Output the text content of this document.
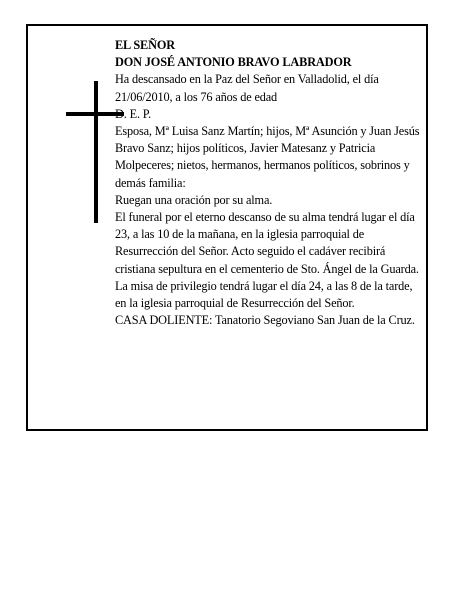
EL SEÑOR

DON JOSÉ ANTONIO BRAVO LABRADOR

Ha descansado en la Paz del Señor en Valladolid, el día 21/06/2010, a los 76 años de edad

D. E. P.

Esposa, Mª Luisa Sanz Martín; hijos, Mª Asunción y Juan Jesús Bravo Sanz; hijos políticos, Javier Matesanz y Patricia Molpeceres; nietos, hermanos, hermanos políticos, sobrinos y demás familia:

Ruegan una oración por su alma.

El funeral por el eterno descanso de su alma tendrá lugar el día 23, a las 10 de la mañana, en la iglesia parroquial de Resurrección del Señor. Acto seguido el cadáver recibirá cristiana sepultura en el cementerio de Sto. Ángel de la Guarda.

La misa de privilegio tendrá lugar el día 24, a las 8 de la tarde, en la iglesia parroquial de Resurrección del Señor.

CASA DOLIENTE: Tanatorio Segoviano San Juan de la Cruz.
